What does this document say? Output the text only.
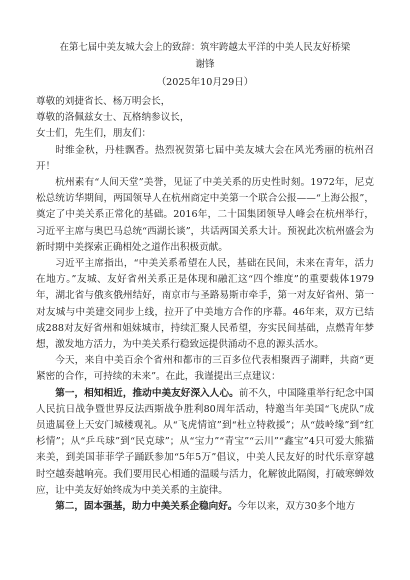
在第七届中美友城大会上的致辞：筑牢跨越太平洋的中美人民友好桥梁
谢锋
（2025年10月29日）

尊敬的刘捷省长、杨万明会长，

尊敬的洛佩兹女士、瓦格纳参议长，

女士们，先生们，朋友们：

时维金秋，丹桂飘香。热烈祝贺第七届中美友城大会在风光秀丽的杭州召开！

杭州素有“人间天堂”美誉，见证了中美关系的历史性时刻。1972年，尼克松总统访华期间，两国领导人在杭州商定中美第一个联合公报——“上海公报”，奠定了中美关系正常化的基础。2016年，二十国集团领导人峰会在杭州举行，习近平主席与奥巴马总统“西湖长谈”，共话两国关系大计。预祝此次杭州盛会为新时期中美探索正确相处之道作出积极贡献。

习近平主席指出，“中美关系希望在人民，基础在民间，未来在青年，活力在地方。”友城、友好省州关系正是体现和融汇这“四个维度”的重要载体1979年，湖北省与俄亥俄州结好，南京市与圣路易斯市牵手，第一对友好省州、第一对友城与中美建交同步上线，拉开了中美地方合作的序幕。46年来，双方已结成288对友好省州和姐妹城市，持续汇聚人民希望，夯实民间基础，点燃青年梦想，激发地方活力，为中美关系行稳致远提供涌动不息的源头活水。

今天，来自中美百余个省州和都市的三百多位代表相聚西子湖畔，共商“更紧密的合作，可持续的未来”。在此，我谨提出三点建议：

第一，相知相近，推动中美友好深入人心。前不久，中国隆重举行纪念中国人民抗日战争暨世界反法西斯战争胜利80周年活动，特邀当年美国“飞虎队”成员遗属登上天安门城楼观礼。从“飞虎情谊”到“杜立特救援”；从“鼓岭缘”到“红杉情”；从“乒乓球”到“民克球”；从“宝力”“青宝”“云川”“鑫宝”4只可爱大熊猫来美，到美国菲菲学子踊跃参加“5年5万”倡议，中美人民友好的时代乐章穿越时空越奏越响亮。我们要用民心相通的温暖与活力，化解彼此隔阂，打破寒蝉效应，让中美友好始终成为中美关系的主旋律。

第二，固本强基，助力中美关系企稳向好。今年以来，双方30多个地方
